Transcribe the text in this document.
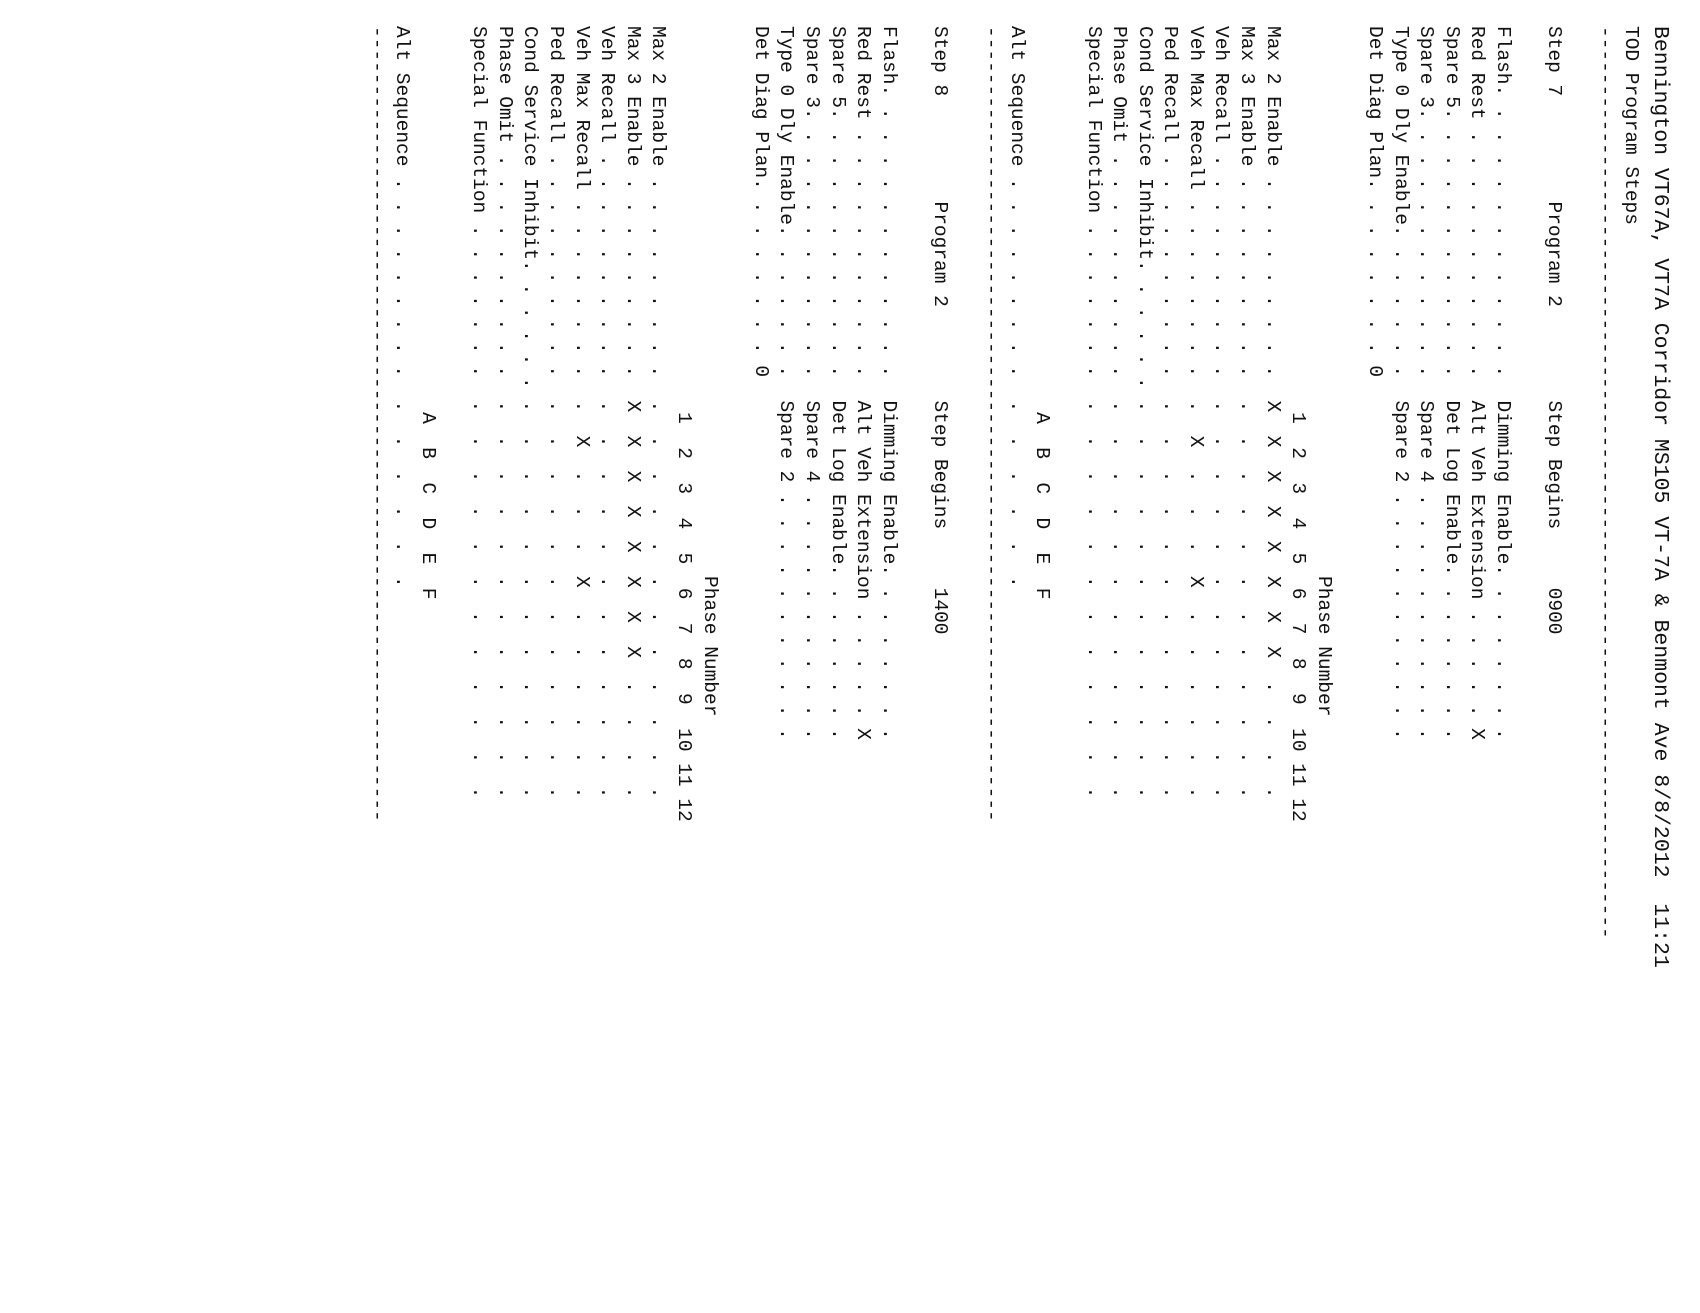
Bennington VT67A, VT7A Corridor MS105 VT-7A & Benmont Ave 8/8/2012  11:21
TOD Program Steps
------------------------------------------------------------------------------

Step 7         Program 2        Step Begins     0900

Flash. . . . . . . . . . . . .  Dimming Enable. . . . . . . .
Red Rest . . . . . . . . . . .  Alt Veh Extension . . . . . X
Spare 5. . . . . . . . . . . .  Det Log Enable. . . . . . . .
Spare 3. . . . . . . . . . . .  Spare 4 . . . . . . . . . . .
Type 0 Dly Enable. . . . . . .  Spare 2 . . . . . . . . . . .
Det Diag Plan. . . . . . . . 0

Phase Number
1  2  3  4  5  6  7  8  9  10 11 12
Max 2 Enable . . . . . . . . .  X  X  X  X  X  X  X  X  .  .  .  .
Max 3 Enable . . . . . . . . .  .  .  .  .  .  .  .  .  .  .  .  .
Veh Recall . . . . . . . . . .  .  .  .  .  .  .  .  .  .  .  .  .
Veh Max Recall . . . . . . . .  .  X  .  .  .  X  .  .  .  .  .  .
Ped Recall . . . . . . . . . .  .  .  .  .  .  .  .  .  .  .  .  .
Cond Service Inhibit. . . . . . .  .  .  .  .  .  .  .  .  .  .  .
Phase Omit . . . . . . . . . .  .  .  .  .  .  .  .  .  .  .  .  .
Special Function . . . . . . .  .  .  .  .  .  .  .  .  .  .  .  .

A  B  C  D  E  F
Alt Sequence . . . . . . . . .  .  .  .  .  .  .
--------------------------------------------------------------------

Step 8         Program 2        Step Begins     1400

Flash. . . . . . . . . . . . .  Dimming Enable. . . . . . . .
Red Rest . . . . . . . . . . .  Alt Veh Extension . . . . . X
Spare 5. . . . . . . . . . . .  Det Log Enable. . . . . . . .
Spare 3. . . . . . . . . . . .  Spare 4 . . . . . . . . . . .
Type 0 Dly Enable. . . . . . .  Spare 2 . . . . . . . . . . .
Det Diag Plan. . . . . . . . 0

Phase Number
1  2  3  4  5  6  7  8  9  10 11 12
Max 2 Enable . . . . . . . . .  .  .  .  .  .  .  .  .  .  .  .  .
Max 3 Enable . . . . . . . . .  X  X  X  X  X  X  X  X  .  .  .  .
Veh Recall . . . . . . . . . .  .  .  .  .  .  .  .  .  .  .  .  .
Veh Max Recall . . . . . . . .  .  X  .  .  .  X  .  .  .  .  .  .
Ped Recall . . . . . . . . . .  .  .  .  .  .  .  .  .  .  .  .  .
Cond Service Inhibit. . . . . . .  .  .  .  .  .  .  .  .  .  .  .
Phase Omit . . . . . . . . . .  .  .  .  .  .  .  .  .  .  .  .  .
Special Function . . . . . . .  .  .  .  .  .  .  .  .  .  .  .  .

A  B  C  D  E  F
Alt Sequence . . . . . . . . .  .  .  .  .  .  .
--------------------------------------------------------------------
